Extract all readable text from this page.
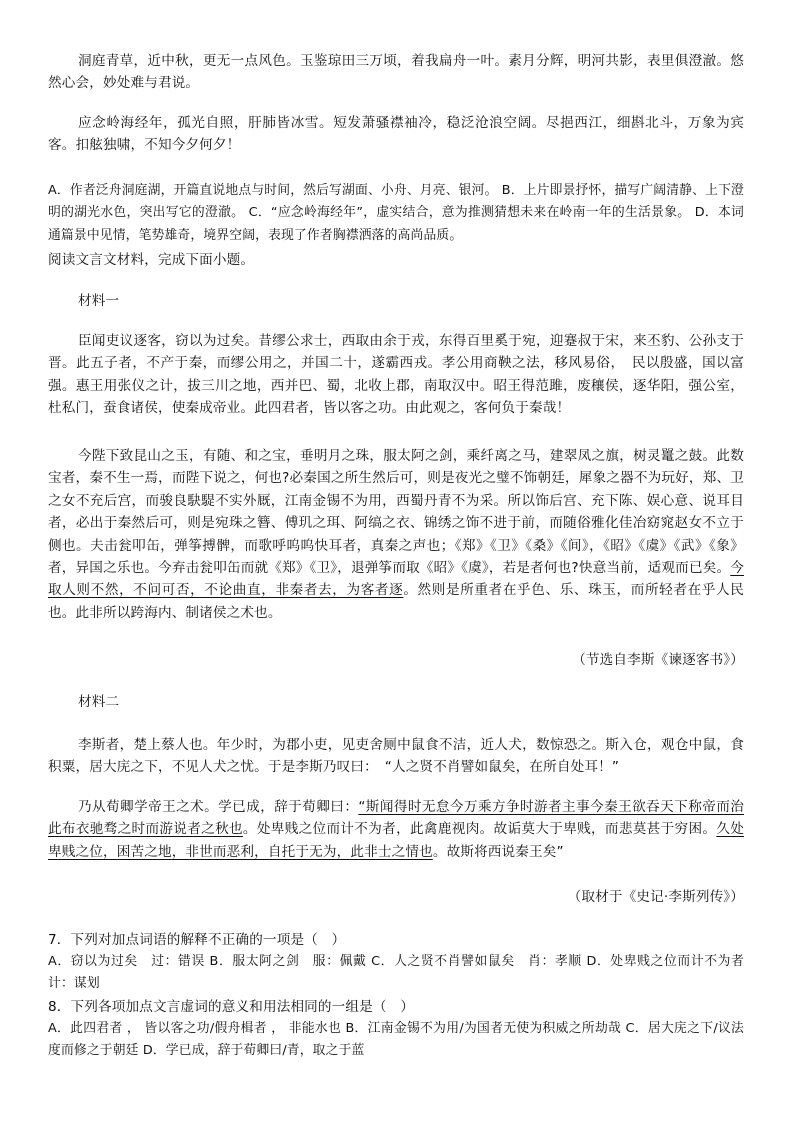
洞庭青草，近中秋，更无一点风色。玉鉴琼田三万顷，着我扁舟一叶。素月分辉，明河共影，表里俱澄澈。悠然心会，妙处难与君说。

应念岭海经年，孤光自照，肝肺皆冰雪。短发萧骚襟袖冷，稳泛沧浪空阔。尽挹西江，细斟北斗，万象为宾客。扣舷独啸，不知今夕何夕！

A．作者泛舟洞庭湖，开篇直说地点与时间，然后写湖面、小舟、月亮、银河。 B．上片即景抒怀，描写广阔清静、上下澄明的湖光水色，突出写它的澄澈。 C．“应念岭海经年”，虚实结合，意为推测猜想未来在岭南一年的生活景象。 D．本词通篇景中见情，笔势雄奇，境界空阔，表现了作者胸襟洒落的高尚品质。

阅读文言文材料，完成下面小题。

材料一

臣闻吏议逐客，窃以为过矣。昔缪公求士，西取由余于戎，东得百里奚于宛，迎蹇叔于宋，来丕豹、公孙支于晋。此五子者，不产于秦，而缪公用之，并国二十，遂霸西戎。孝公用商鞅之法，移风易俗，　民以殷盛，国以富强。惠王用张仪之计，拔三川之地，西并巴、蜀，北收上郡，南取汉中。昭王得范雎，废穰侯，逐华阳，强公室，杜私门，蚕食诸侯，使秦成帝业。此四君者，皆以客之功。由此观之，客何负于秦哉！

今陛下致昆山之玉，有随、和之宝，垂明月之珠，服太阿之剑，乘纤离之马，建翠凤之旗，树灵鼍之鼓。此数宝者，秦不生一焉，而陛下说之，何也?必秦国之所生然后可，则是夜光之璧不饰朝廷，犀象之器不为玩好，郑、卫之女不充后宫，而骏良駃騠不实外厩，江南金锡不为用，西蜀丹青不为采。所以饰后宫、充下陈、娱心意、说耳目者，必出于秦然后可，则是宛珠之簪、傅玑之珥、阿缟之衣、锦绣之饰不进于前，而随俗雅化佳冶窈窕赵女不立于侧也。夫击瓮叩缶，弹筝搏髀，而歌呼呜呜快耳者，真秦之声也；《郑》《卫》《桑》《间》，《昭》《虞》《武》《象》者，异国之乐也。今弃击瓮叩缶而就《郑》《卫》，退弹筝而取《昭》《虞》，若是者何也?快意当前，适观而已矣。今取人则不然，不问可否，不论曲直，非秦者去，为客者逐。然则是所重者在乎色、乐、珠玉，而所轻者在乎人民也。此非所以跨海内、制诸侯之术也。

（节选自李斯《谏逐客书》）

材料二

李斯者，楚上蔡人也。年少时，为郡小吏，见吏舍厕中鼠食不洁，近人犬，数惊恐之。斯入仓，观仓中鼠，食积粟，居大庑之下，不见人犬之忧。于是李斯乃叹曰：　“人之贤不肖譬如鼠矣，在所自处耳！”

乃从荀卿学帝王之术。学已成，辞于荀卿曰：“斯闻得时无怠今万乘方争时游者主事今秦王欲吞天下称帝而治此布衣驰骛之时而游说者之秋也。处卑贱之位而计不为者，此禽鹿视肉。故诟莫大于卑贱，而悲莫甚于穷困。久处卑贱之位，困苦之地，非世而恶利，自托于无为，此非士之情也。故斯将西说秦王矣”

（取材于《史记·李斯列传》）

7．下列对加点词语的解释不正确的一项是（　）

A．窃以为过矣　过：错误 B．服太阿之剑　服：佩戴 C．人之贤不肖譬如鼠矣　肖：孝顺 D．处卑贱之位而计不为者　计：谋划

8．下列各项加点文言虚词的意义和用法相同的一组是（　）

A．此四君者 ， 皆以客之功/假舟楫者 ， 非能水也 B．江南金锡不为用/为国者无使为积威之所劫哉 C．居大庑之下/议法度而修之于朝廷 D．学已成，辞于荀卿曰/青，取之于蓝
